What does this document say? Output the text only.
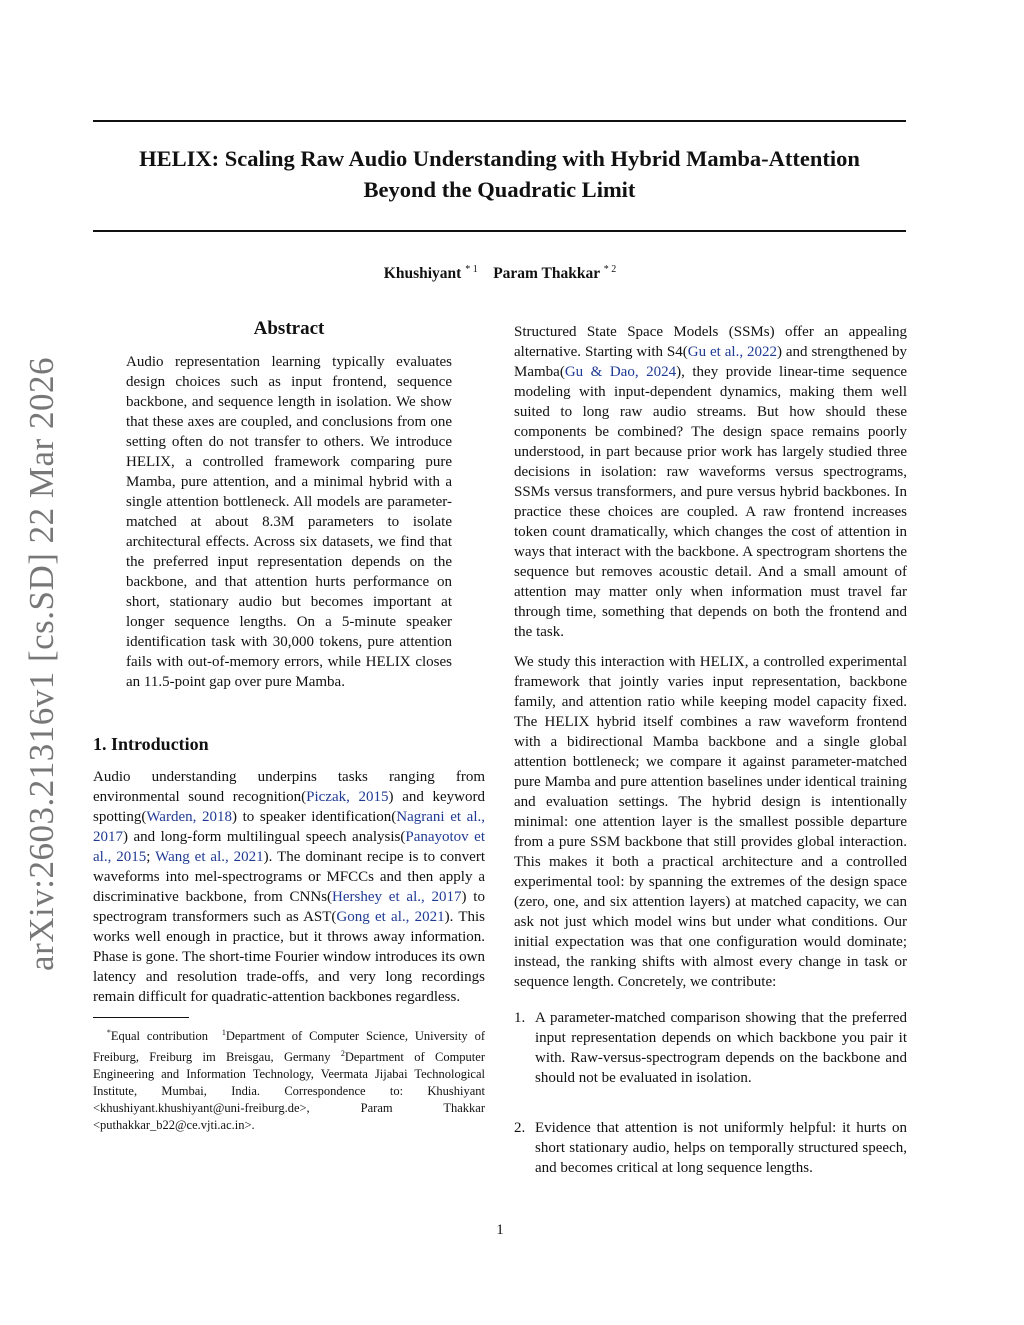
HELIX: Scaling Raw Audio Understanding with Hybrid Mamba-Attention
Beyond the Quadratic Limit
Khushiyant $^{* 1}$ Param Thakkar $^{* 2}$
arXiv:2603.21316v1 [cs.SD] 22 Mar 2026
Abstract

Audio representation learning typically evaluates design choices such as input frontend, sequence backbone, and sequence length in isolation. We show that these axes are coupled, and conclusions from one setting often do not transfer to others. We introduce HELIX, a controlled framework comparing pure Mamba, pure attention, and a minimal hybrid with a single attention bottleneck. All models are parameter-matched at about 8.3M parameters to isolate architectural effects. Across six datasets, we find that the preferred input representation depends on the backbone, and that attention hurts performance on short, stationary audio but becomes important at longer sequence lengths. On a 5-minute speaker identification task with 30,000 tokens, pure attention fails with out-of-memory errors, while HELIX closes an 11.5-point gap over pure Mamba.

1. Introduction

Audio understanding underpins tasks ranging from environmental sound recognition(Piczak, 2015) and keyword spotting(Warden, 2018) to speaker identification(Nagrani et al., 2017) and long-form multilingual speech analysis(Panayotov et al., 2015; Wang et al., 2021). The dominant recipe is to convert waveforms into mel-spectrograms or MFCCs and then apply a discriminative backbone, from CNNs(Hershey et al., 2017) to spectrogram transformers such as AST(Gong et al., 2021). This works well enough in practice, but it throws away information. Phase is gone. The short-time Fourier window introduces its own latency and resolution trade-offs, and very long recordings remain difficult for quadratic-attention backbones regardless.

*Equal contribution $^1$Department of Computer Science, University of Freiburg, Freiburg im Breisgau, Germany $^2$Department of Computer Engineering and Information Technology, Veermata Jijabai Technological Institute, Mumbai, India. Correspondence to: Khushiyant <khushiyant.khushiyant@uni-freiburg.de>, Param Thakkar <puthakkar_b22@ce.vjti.ac.in>.

Structured State Space Models (SSMs) offer an appealing alternative. Starting with S4(Gu et al., 2022) and strengthened by Mamba(Gu & Dao, 2024), they provide linear-time sequence modeling with input-dependent dynamics, making them well suited to long raw audio streams. But how should these components be combined? The design space remains poorly understood, in part because prior work has largely studied three decisions in isolation: raw waveforms versus spectrograms, SSMs versus transformers, and pure versus hybrid backbones. In practice these choices are coupled. A raw frontend increases token count dramatically, which changes the cost of attention in ways that interact with the backbone. A spectrogram shortens the sequence but removes acoustic detail. And a small amount of attention may matter only when information must travel far through time, something that depends on both the frontend and the task.

We study this interaction with HELIX, a controlled experimental framework that jointly varies input representation, backbone family, and attention ratio while keeping model capacity fixed. The HELIX hybrid itself combines a raw waveform frontend with a bidirectional Mamba backbone and a single global attention bottleneck; we compare it against parameter-matched pure Mamba and pure attention baselines under identical training and evaluation settings. The hybrid design is intentionally minimal: one attention layer is the smallest possible departure from a pure SSM backbone that still provides global interaction. This makes it both a practical architecture and a controlled experimental tool: by spanning the extremes of the design space (zero, one, and six attention layers) at matched capacity, we can ask not just which model wins but under what conditions. Our initial expectation was that one configuration would dominate; instead, the ranking shifts with almost every change in task or sequence length. Concretely, we contribute:

1. A parameter-matched comparison showing that the preferred input representation depends on which backbone you pair it with. Raw-versus-spectrogram depends on the backbone and should not be evaluated in isolation.
2. Evidence that attention is not uniformly helpful: it hurts on short stationary audio, helps on temporally structured speech, and becomes critical at long sequence lengths.
1
